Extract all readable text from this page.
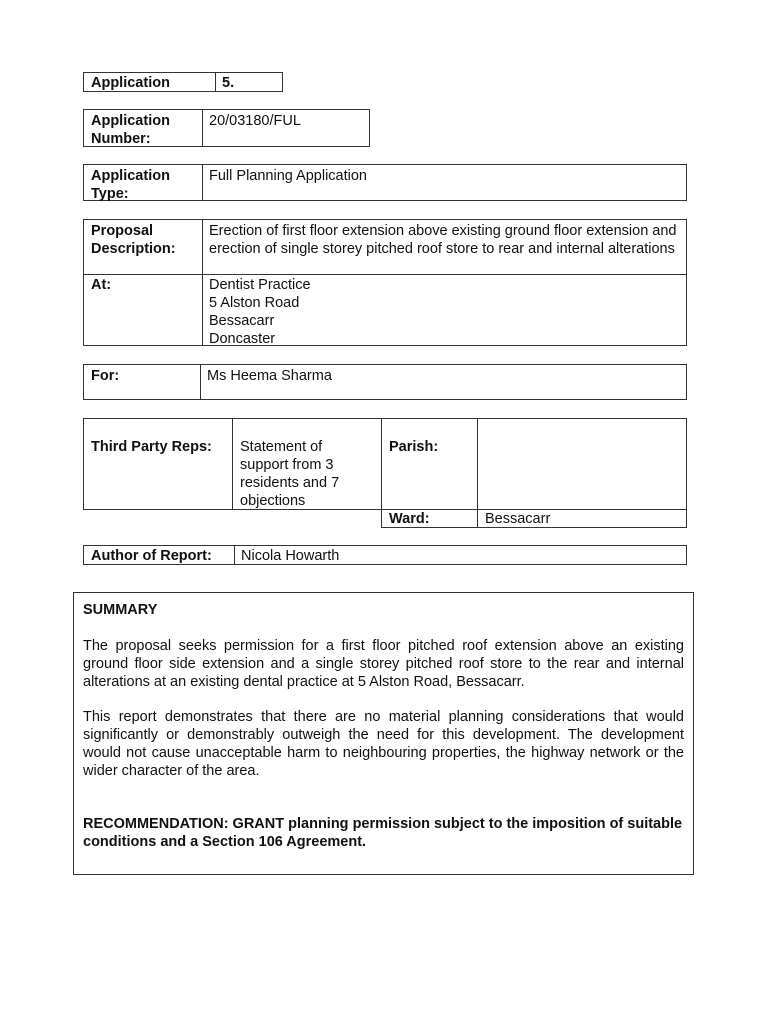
Application	5.
Application Number:
20/03180/FUL
Application Type:
Full Planning Application
Proposal Description:
Erection of first floor extension above existing ground floor extension and erection of single storey pitched roof store to rear and internal alterations
At:	Dentist Practice
5 Alston Road
Bessacarr
Doncaster
For:	Ms Heema Sharma
Third Party Reps:	Statement of
support from 3
residents and 7
objections
Parish:
Ward:	Bessacarr
Author of Report:	Nicola Howarth

SUMMARY

The proposal seeks permission for a first floor pitched roof extension above an existing ground floor side extension and a single storey pitched roof store to the rear and internal alterations at an existing dental practice at 5 Alston Road, Bessacarr.

This report demonstrates that there are no material planning considerations that would significantly or demonstrably outweigh the need for this development. The development would not cause unacceptable harm to neighbouring properties, the highway network or the wider character of the area.

RECOMMENDATION: GRANT planning permission subject to the imposition of suitable conditions and a Section 106 Agreement.
